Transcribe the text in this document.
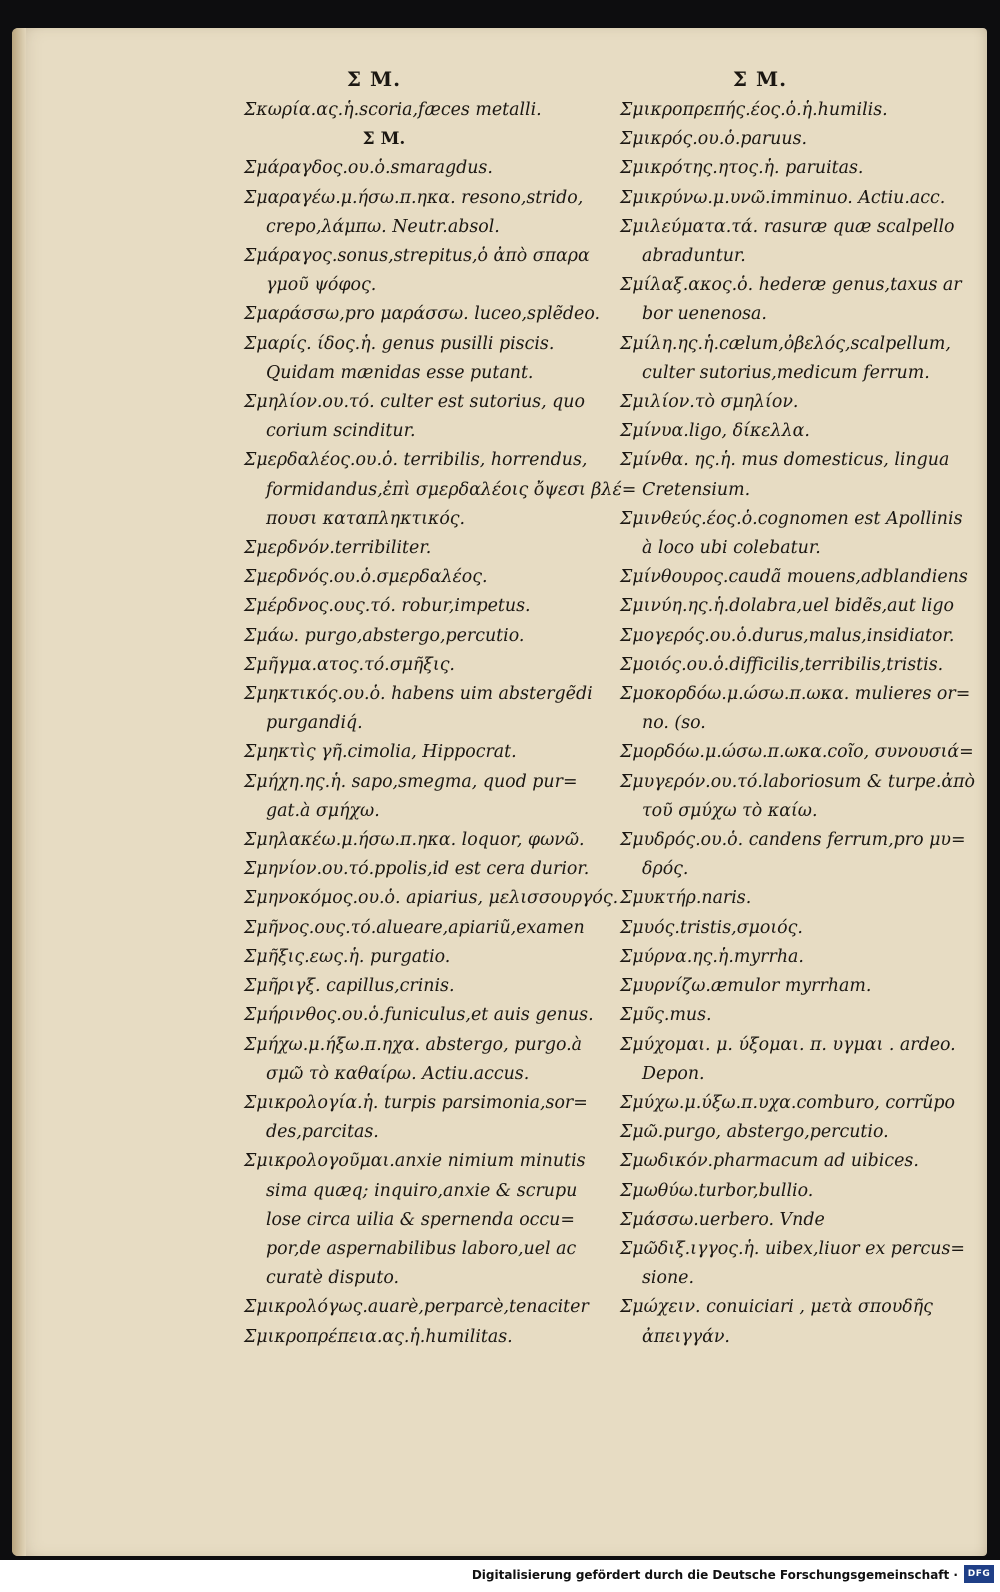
Σ M.
Σκωρία.ας.ἡ.scoria,fæces metalli.
Σ M.
Σμάραγδος.ου.ὁ.smaragdus.
Σμαραγέω.μ.ήσω.π.ηκα. resono,strido,
crepo,λάμπω. Neutr.absol.
Σμάραγος.sonus,strepitus,ὁ ἀπὸ σπαρα
γμοῦ ψόφος.
Σμαράσσω,pro μαράσσω. luceo,splẽdeo.
Σμαρίς. ίδος.ἡ. genus pusilli piscis.
Quidam mænidas esse putant.
Σμηλίον.ου.τό. culter est sutorius, quo
corium scinditur.
Σμερδαλέος.ου.ὁ. terribilis, horrendus,
formidandus,ἐπὶ σμερδαλέοις ὄψεσι βλέ=
πουσι καταπληκτικός.
Σμερδνόν.terribiliter.
Σμερδνός.ου.ὁ.σμερδαλέος.
Σμέρδνος.ους.τό. robur,impetus.
Σμάω. purgo,abstergo,percutio.
Σμῆγμα.ατος.τό.σμῆξις.
Σμηκτικός.ου.ὁ. habens uim abstergẽdi
purgandiq́.
Σμηκτὶς γῆ.cimolia, Hippocrat.
Σμήχη.ης.ἡ. sapo,smegma, quod pur=
gat.à σμήχω.
Σμηλακέω.μ.ήσω.π.ηκα. loquor, φωνῶ.
Σμηνίον.ου.τό.ppolis,id est cera durior.
Σμηνοκόμος.ου.ὁ. apiarius, μελισσουργός.
Σμῆνος.ους.τό.alueare,apiariũ,examen
Σμῆξις.εως.ἡ. purgatio.
Σμῆριγξ. capillus,crinis.
Σμήρινθος.ου.ὁ.funiculus,et auis genus.
Σμήχω.μ.ήξω.π.ηχα. abstergo, purgo.à
σμῶ τὸ καθαίρω. Actiu.accus.
Σμικρολογία.ἡ. turpis parsimonia,sor=
des,parcitas.
Σμικρολογοῦμαι.anxie nimium minutis
sima quæq; inquiro,anxie & scrupu
lose circa uilia & spernenda occu=
por,de aspernabilibus laboro,uel ac
curatè disputo.
Σμικρολόγως.auarè,perparcè,tenaciter
Σμικροπρέπεια.ας.ἡ.humilitas.
Σ M.
Σμικροπρεπής.έος.ὁ.ἡ.humilis.
Σμικρός.ου.ὁ.paruus.
Σμικρότης.ητος.ἡ. paruitas.
Σμικρύνω.μ.υνῶ.imminuo. Actiu.acc.
Σμιλεύματα.τά. rasuræ quæ scalpello
abraduntur.
Σμίλαξ.ακος.ὁ. hederæ genus,taxus ar
bor uenenosa.
Σμίλη.ης.ἡ.cælum,ὀβελός,scalpellum,
culter sutorius,medicum ferrum.
Σμιλίον.τὸ σμηλίον.
Σμίνυα.ligo, δίκελλα.
Σμίνθα. ης.ἡ. mus domesticus, lingua
Cretensium.
Σμινθεύς.έος.ὁ.cognomen est Apollinis
à loco ubi colebatur.
Σμίνθουρος.caudã mouens,adblandiens
Σμινύη.ης.ἡ.dolabra,uel bidẽs,aut ligo
Σμογερός.ου.ὁ.durus,malus,insidiator.
Σμοιός.ου.ὁ.difficilis,terribilis,tristis.
Σμοκορδόω.μ.ώσω.π.ωκα. mulieres or=
no. (so.
Σμορδόω.μ.ώσω.π.ωκα.coĩo, συνουσιά=
Σμυγερόν.ου.τό.laboriosum & turpe.ἀπὸ
τοῦ σμύχω τὸ καίω.
Σμυδρός.ου.ὁ. candens ferrum,pro μυ=
δρός.
Σμυκτήρ.naris.
Σμυός.tristis,σμοιός.
Σμύρνα.ης.ἡ.myrrha.
Σμυρνίζω.æmulor myrrham.
Σμῦς.mus.
Σμύχομαι. μ. ύξομαι. π. υγμαι . ardeo.
Depon.
Σμύχω.μ.ύξω.π.υχα.comburo, corrũpo
Σμῶ.purgo, abstergo,percutio.
Σμωδικόν.pharmacum ad uibices.
Σμωθύω.turbor,bullio.
Σμάσσω.uerbero. Vnde
Σμῶδιξ.ιγγος.ἡ. uibex,liuor ex percus=
sione.
Σμώχειν. conuiciari , μετὰ σπουδῆς
ἀπειγγάν.
Digitalisierung gefördert durch die Deutsche Forschungsgemeinschaft ·	DFG
